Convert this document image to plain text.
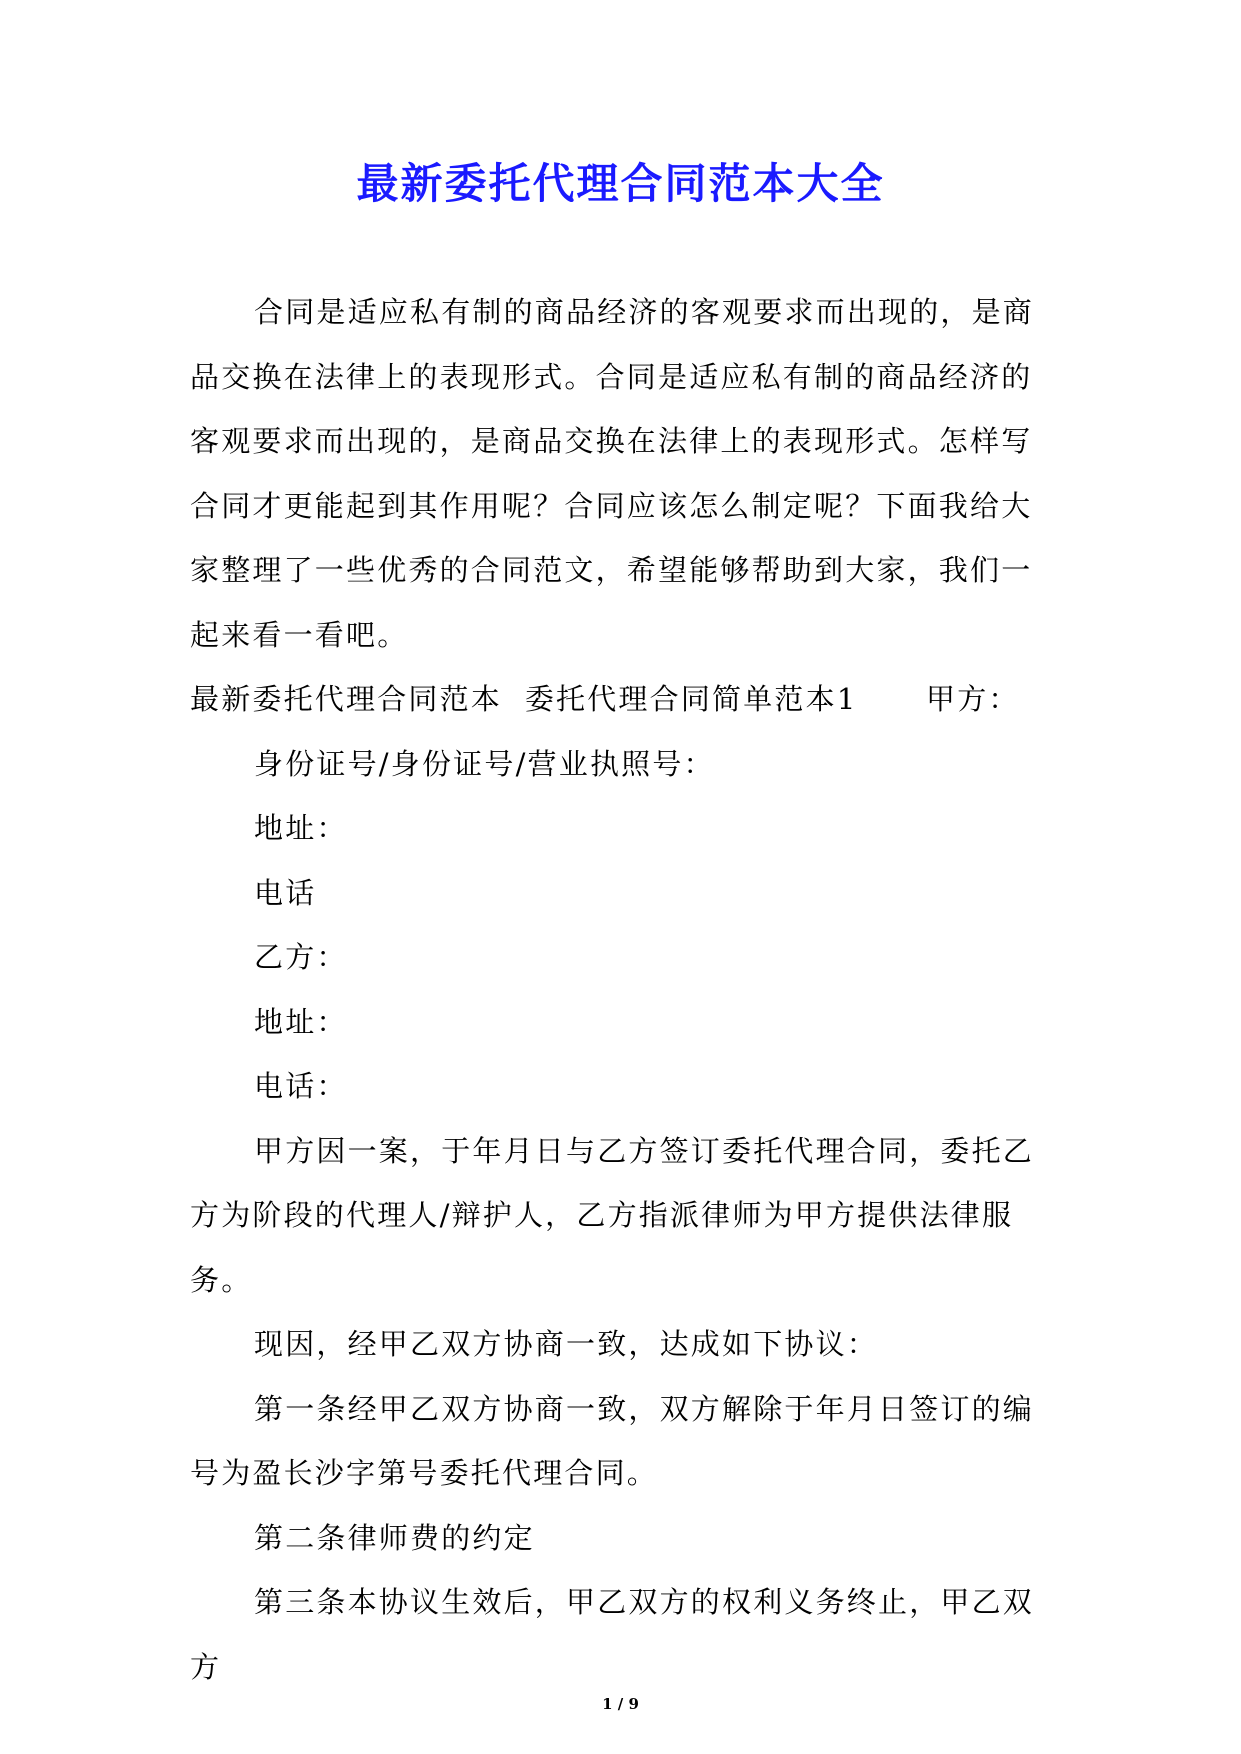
最新委托代理合同范本大全

合同是适应私有制的商品经济的客观要求而出现的，是商品交换在法律上的表现形式。合同是适应私有制的商品经济的客观要求而出现的，是商品交换在法律上的表现形式。怎样写合同才更能起到其作用呢？合同应该怎么制定呢？下面我给大家整理了一些优秀的合同范文，希望能够帮助到大家，我们一起来看一看吧。

最新委托代理合同范本  委托代理合同简单范本1      甲方：

身份证号/身份证号/营业执照号：

地址：

电话

乙方：

地址：

电话：

甲方因一案，于年月日与乙方签订委托代理合同，委托乙方为阶段的代理人/辩护人，乙方指派律师为甲方提供法律服务。

现因，经甲乙双方协商一致，达成如下协议：

第一条经甲乙双方协商一致，双方解除于年月日签订的编号为盈长沙字第号委托代理合同。

第二条律师费的约定

第三条本协议生效后，甲乙双方的权利义务终止，甲乙双方

1 / 9
